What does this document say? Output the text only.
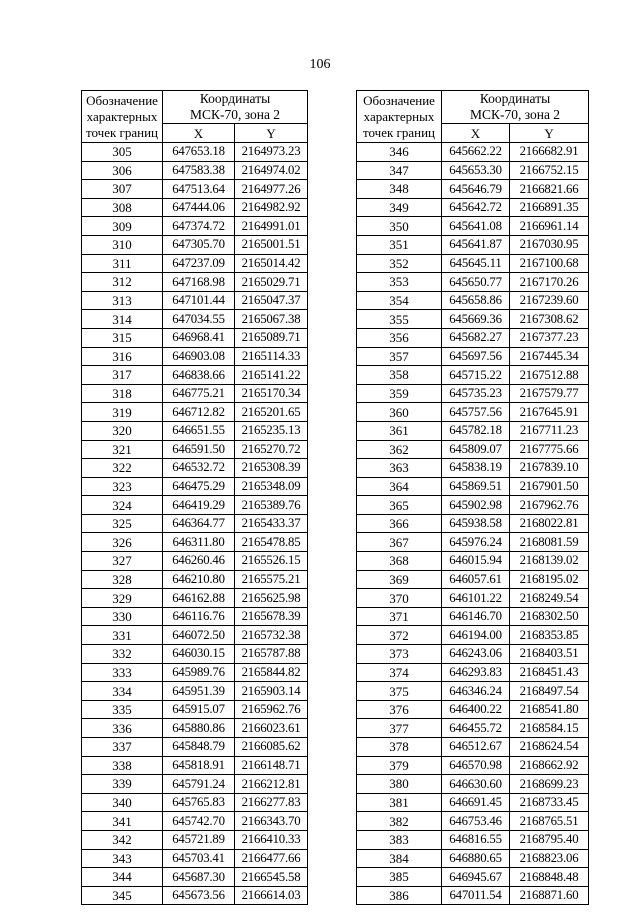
106
Обозначение
характерных
точек границ	Координаты
МСК-70, зона 2	
	X	Y
305	647653.18	2164973.23
306	647583.38	2164974.02
307	647513.64	2164977.26
308	647444.06	2164982.92
309	647374.72	2164991.01
310	647305.70	2165001.51
311	647237.09	2165014.42
312	647168.98	2165029.71
313	647101.44	2165047.37
314	647034.55	2165067.38
315	646968.41	2165089.71
316	646903.08	2165114.33
317	646838.66	2165141.22
318	646775.21	2165170.34
319	646712.82	2165201.65
320	646651.55	2165235.13
321	646591.50	2165270.72
322	646532.72	2165308.39
323	646475.29	2165348.09
324	646419.29	2165389.76
325	646364.77	2165433.37
326	646311.80	2165478.85
327	646260.46	2165526.15
328	646210.80	2165575.21
329	646162.88	2165625.98
330	646116.76	2165678.39
331	646072.50	2165732.38
332	646030.15	2165787.88
333	645989.76	2165844.82
334	645951.39	2165903.14
335	645915.07	2165962.76
336	645880.86	2166023.61
337	645848.79	2166085.62
338	645818.91	2166148.71
339	645791.24	2166212.81
340	645765.83	2166277.83
341	645742.70	2166343.70
342	645721.89	2166410.33
343	645703.41	2166477.66
344	645687.30	2166545.58
345	645673.56	2166614.03
Обозначение
характерных
точек границ	Координаты
МСК-70, зона 2	
	X	Y
346	645662.22	2166682.91
347	645653.30	2166752.15
348	645646.79	2166821.66
349	645642.72	2166891.35
350	645641.08	2166961.14
351	645641.87	2167030.95
352	645645.11	2167100.68
353	645650.77	2167170.26
354	645658.86	2167239.60
355	645669.36	2167308.62
356	645682.27	2167377.23
357	645697.56	2167445.34
358	645715.22	2167512.88
359	645735.23	2167579.77
360	645757.56	2167645.91
361	645782.18	2167711.23
362	645809.07	2167775.66
363	645838.19	2167839.10
364	645869.51	2167901.50
365	645902.98	2167962.76
366	645938.58	2168022.81
367	645976.24	2168081.59
368	646015.94	2168139.02
369	646057.61	2168195.02
370	646101.22	2168249.54
371	646146.70	2168302.50
372	646194.00	2168353.85
373	646243.06	2168403.51
374	646293.83	2168451.43
375	646346.24	2168497.54
376	646400.22	2168541.80
377	646455.72	2168584.15
378	646512.67	2168624.54
379	646570.98	2168662.92
380	646630.60	2168699.23
381	646691.45	2168733.45
382	646753.46	2168765.51
383	646816.55	2168795.40
384	646880.65	2168823.06
385	646945.67	2168848.48
386	647011.54	2168871.60
